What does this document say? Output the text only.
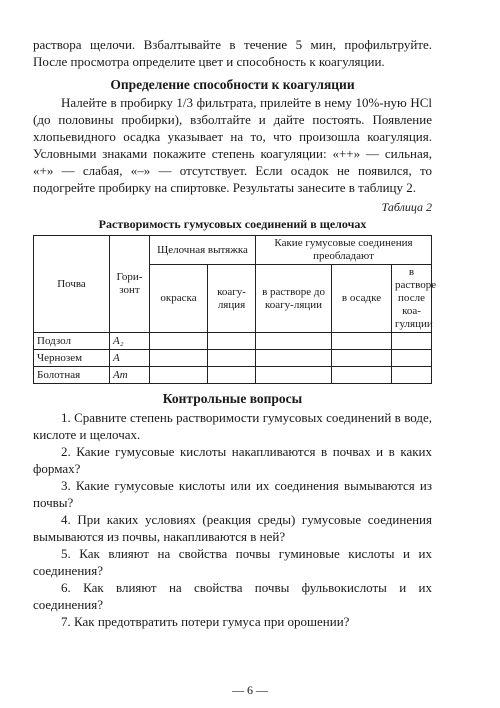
раствора щелочи. Взбалтывайте в течение 5 мин, профильтруйте. После просмотра определите цвет и способность к коагуляции.

Определение способности к коагуляции

Налейте в пробирку 1/3 фильтрата, прилейте в нему 10%-ную HCl (до половины пробирки), взболтайте и дайте постоять. Появление хлопьевидного осадка указывает на то, что произошла коагуляция. Условными знаками покажите степень коагуляции: «++» — сильная, «+» — слабая, «–» — отсутствует. Если осадок не появился, то подогрейте пробирку на спиртовке. Результаты занесите в таблицу 2.

Таблица 2
Растворимость гумусовых соединений в щелочах
Почва	Гори-зонт	Щелочная вытяжка		Какие гумусовые соединения преобладают		
		окраска	коагу-ляция	в растворе до коагу-ляции	в осадке	в растворе после коа-гуляции
Подзол	A₂					
Чернозем	A					
Болотная	Aт					
Контрольные вопросы

1. Сравните степень растворимости гумусовых соединений в воде, кислоте и щелочах.

2. Какие гумусовые кислоты накапливаются в почвах и в каких формах?

3. Какие гумусовые кислоты или их соединения вымываются из почвы?

4. При каких условиях (реакция среды) гумусовые соединения вымываются из почвы, накапливаются в ней?

5. Как влияют на свойства почвы гуминовые кислоты и их соединения?

6. Как влияют на свойства почвы фульвокислоты и их соединения?

7. Как предотвратить потери гумуса при орошении?

— 6 —
